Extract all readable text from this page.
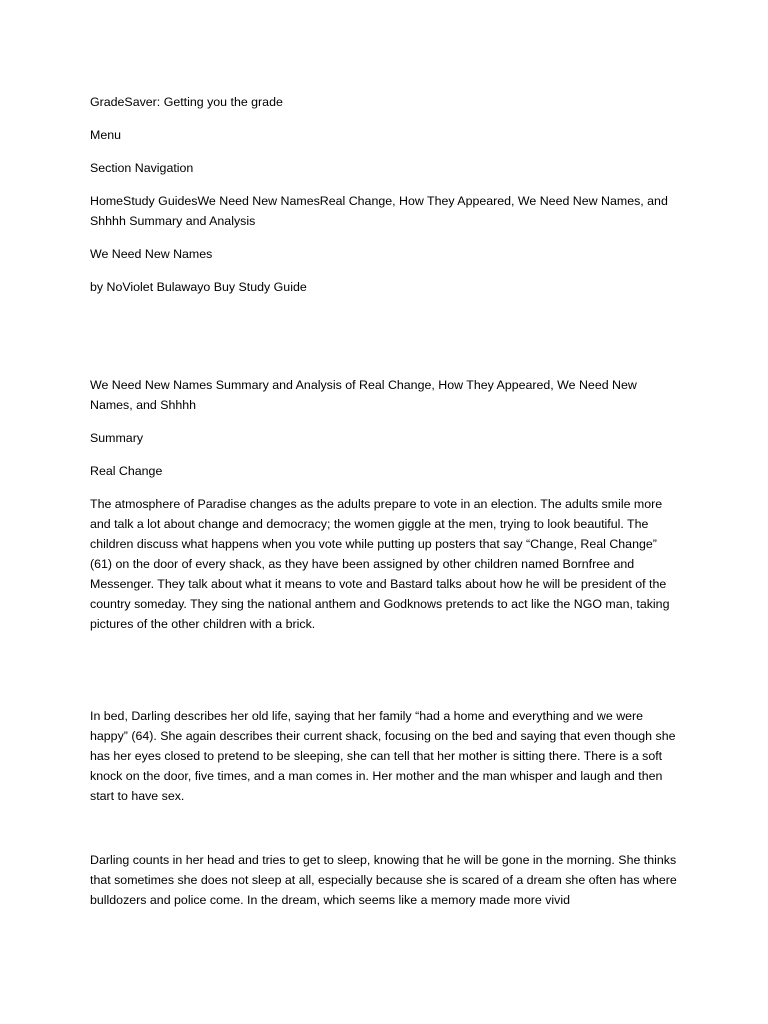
GradeSaver: Getting you the grade
Menu
Section Navigation
HomeStudy GuidesWe Need New NamesReal Change, How They Appeared, We Need New Names, and Shhhh Summary and Analysis
We Need New Names
by NoViolet Bulawayo Buy Study Guide
We Need New Names Summary and Analysis of Real Change, How They Appeared, We Need New Names, and Shhhh
Summary
Real Change
The atmosphere of Paradise changes as the adults prepare to vote in an election. The adults smile more and talk a lot about change and democracy; the women giggle at the men, trying to look beautiful. The children discuss what happens when you vote while putting up posters that say “Change, Real Change” (61) on the door of every shack, as they have been assigned by other children named Bornfree and Messenger. They talk about what it means to vote and Bastard talks about how he will be president of the country someday. They sing the national anthem and Godknows pretends to act like the NGO man, taking pictures of the other children with a brick.
In bed, Darling describes her old life, saying that her family “had a home and everything and we were happy” (64). She again describes their current shack, focusing on the bed and saying that even though she has her eyes closed to pretend to be sleeping, she can tell that her mother is sitting there. There is a soft knock on the door, five times, and a man comes in. Her mother and the man whisper and laugh and then start to have sex.
Darling counts in her head and tries to get to sleep, knowing that he will be gone in the morning. She thinks that sometimes she does not sleep at all, especially because she is scared of a dream she often has where bulldozers and police come. In the dream, which seems like a memory made more vivid
